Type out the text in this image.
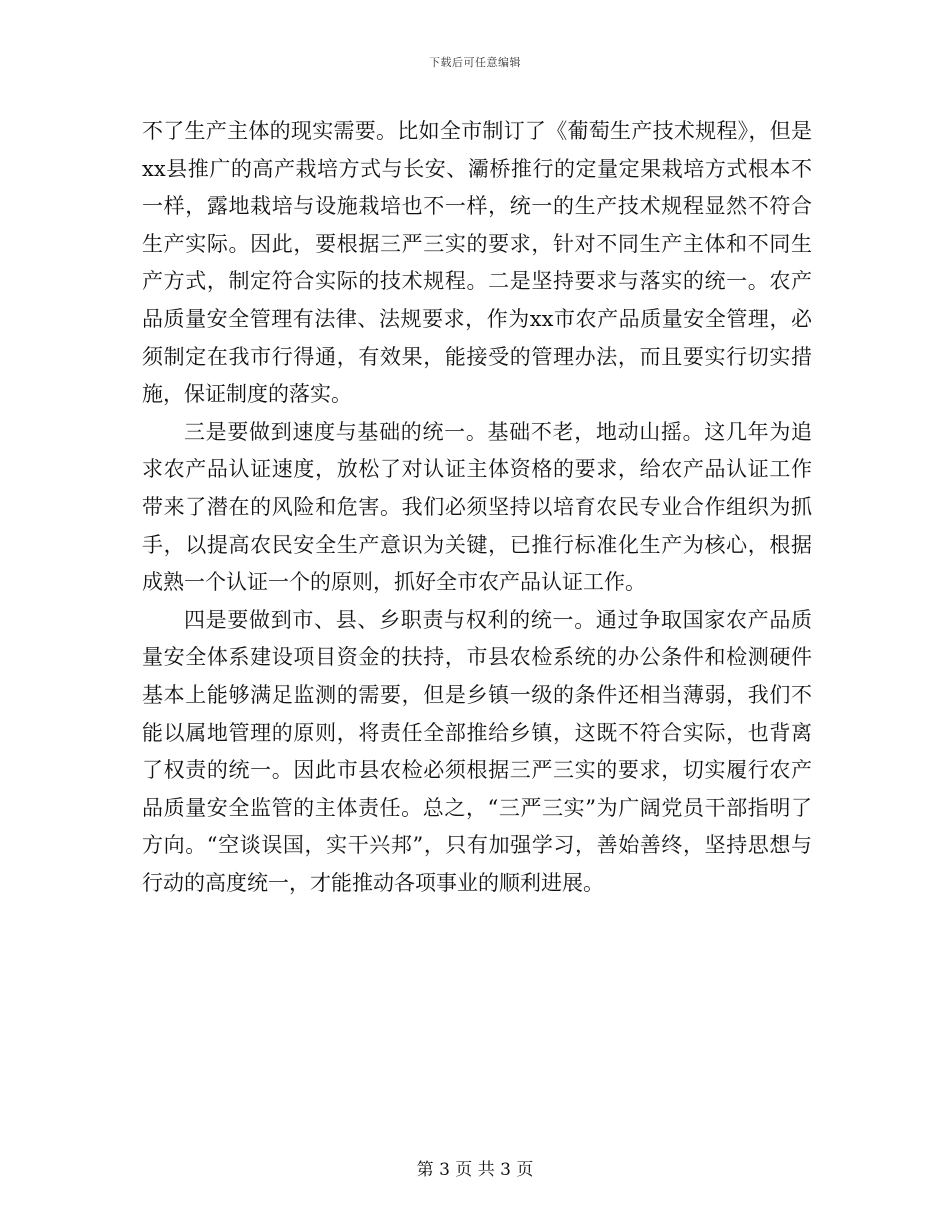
下载后可任意编辑

不了生产主体的现实需要。比如全市制订了《葡萄生产技术规程》，但是xx县推广的高产栽培方式与长安、灞桥推行的定量定果栽培方式根本不一样，露地栽培与设施栽培也不一样，统一的生产技术规程显然不符合生产实际。因此，要根据三严三实的要求，针对不同生产主体和不同生产方式，制定符合实际的技术规程。二是坚持要求与落实的统一。农产品质量安全管理有法律、法规要求，作为xx市农产品质量安全管理，必须制定在我市行得通，有效果，能接受的管理办法，而且要实行切实措施，保证制度的落实。

三是要做到速度与基础的统一。基础不老，地动山摇。这几年为追求农产品认证速度，放松了对认证主体资格的要求，给农产品认证工作带来了潜在的风险和危害。我们必须坚持以培育农民专业合作组织为抓手，以提高农民安全生产意识为关键，已推行标准化生产为核心，根据成熟一个认证一个的原则，抓好全市农产品认证工作。

四是要做到市、县、乡职责与权利的统一。通过争取国家农产品质量安全体系建设项目资金的扶持，市县农检系统的办公条件和检测硬件基本上能够满足监测的需要，但是乡镇一级的条件还相当薄弱，我们不能以属地管理的原则，将责任全部推给乡镇，这既不符合实际，也背离了权责的统一。因此市县农检必须根据三严三实的要求，切实履行农产品质量安全监管的主体责任。总之，“三严三实”为广阔党员干部指明了方向。“空谈误国，实干兴邦”，只有加强学习，善始善终，坚持思想与行动的高度统一，才能推动各项事业的顺利进展。

第 3 页 共 3 页
